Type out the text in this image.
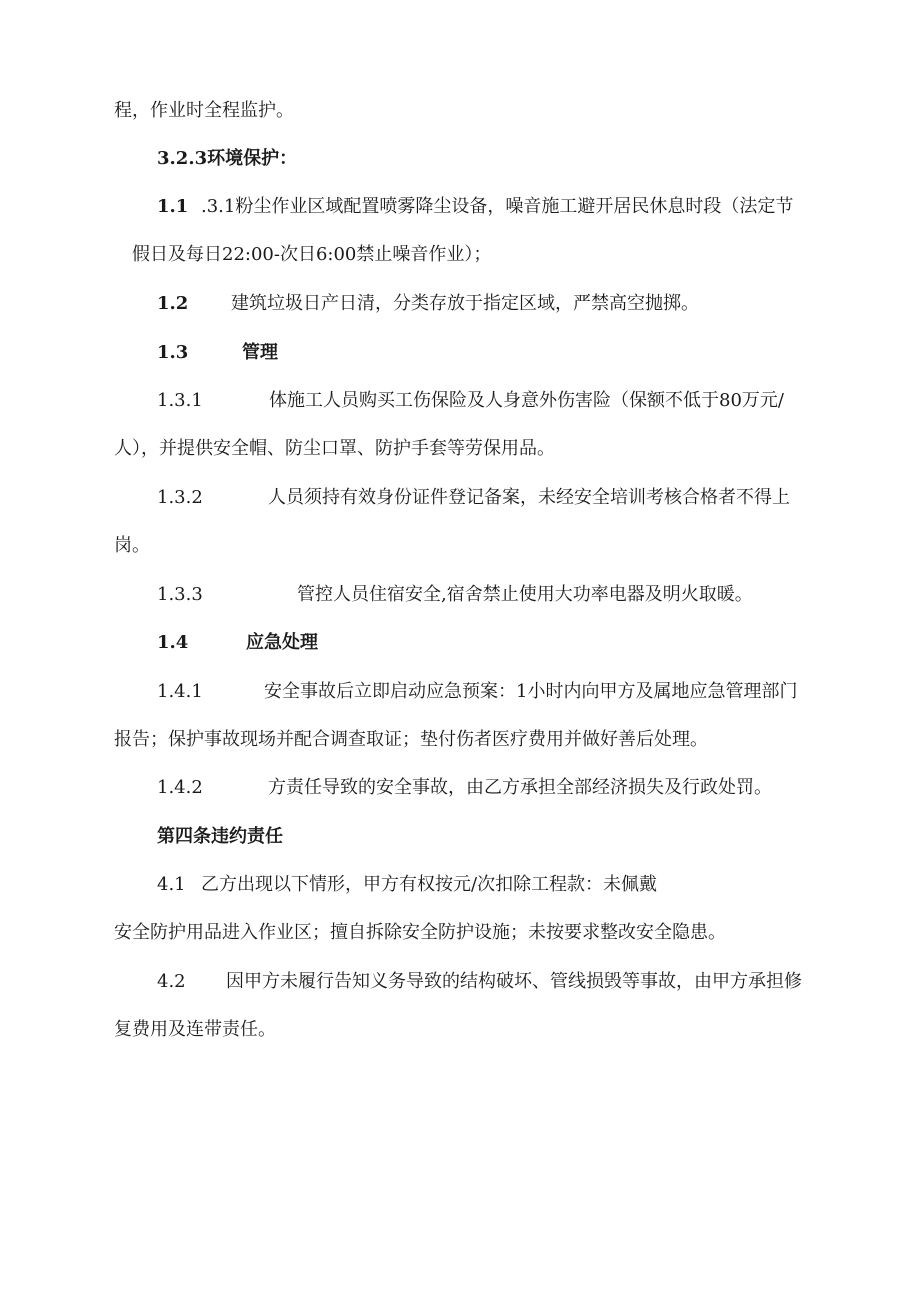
程，作业时全程监护。
3.2.3环境保护：
1.1 .3.1粉尘作业区域配置喷雾降尘设备，噪音施工避开居民休息时段（法定节
假日及每日22:00-次日6:00禁止噪音作业）；
1.2 建筑垃圾日产日清，分类存放于指定区域，严禁高空抛掷。
1.3	管理
1.3.1	体施工人员购买工伤保险及人身意外伤害险（保额不低于80万元/
人），并提供安全帽、防尘口罩、防护手套等劳保用品。
1.3.2	人员须持有效身份证件登记备案，未经安全培训考核合格者不得上
岗。
1.3.3	管控人员住宿安全,宿舍禁止使用大功率电器及明火取暖。
1.4	应急处理
1.4.1	安全事故后立即启动应急预案：1小时内向甲方及属地应急管理部门
报告；保护事故现场并配合调查取证；垫付伤者医疗费用并做好善后处理。
1.4.2	方责任导致的安全事故，由乙方承担全部经济损失及行政处罚。
第四条违约责任
4.1 乙方出现以下情形，甲方有权按元/次扣除工程款：未佩戴
安全防护用品进入作业区；擅自拆除安全防护设施；未按要求整改安全隐患。
4.2 因甲方未履行告知义务导致的结构破坏、管线损毁等事故，由甲方承担修
复费用及连带责任。
